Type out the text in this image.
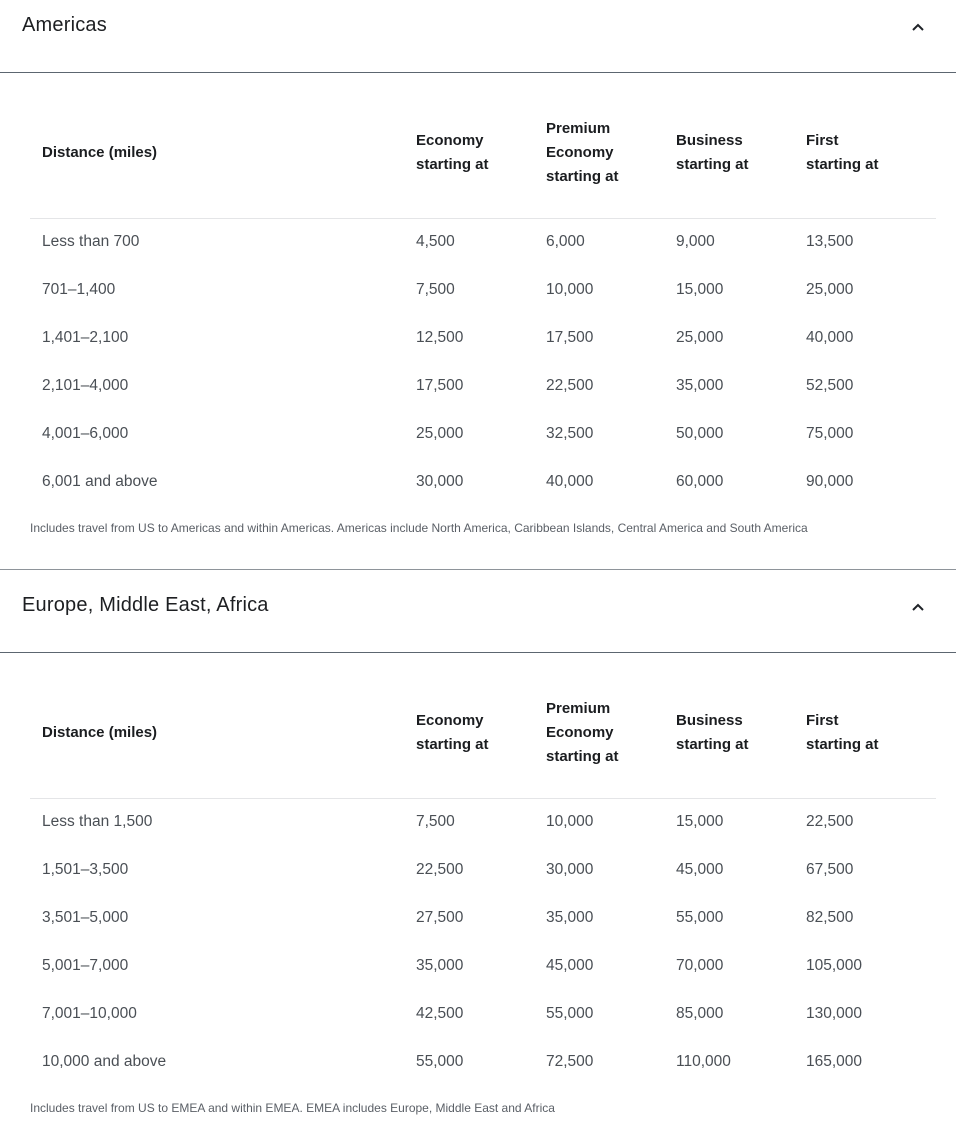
Americas
Distance (miles)	Economy starting at	Premium Economy starting at	Business starting at	First starting at

Less than 700	4,500	6,000	9,000	13,500
701–1,400	7,500	10,000	15,000	25,000
1,401–2,100	12,500	17,500	25,000	40,000
2,101–4,000	17,500	22,500	35,000	52,500
4,001–6,000	25,000	32,500	50,000	75,000
6,001 and above	30,000	40,000	60,000	90,000
Includes travel from US to Americas and within Americas. Americas include North America, Caribbean Islands, Central America and South America
Europe, Middle East, Africa
Distance (miles)	Economy starting at	Premium Economy starting at	Business starting at	First starting at

Less than 1,500	7,500	10,000	15,000	22,500
1,501–3,500	22,500	30,000	45,000	67,500
3,501–5,000	27,500	35,000	55,000	82,500
5,001–7,000	35,000	45,000	70,000	105,000
7,001–10,000	42,500	55,000	85,000	130,000
10,000 and above	55,000	72,500	110,000	165,000
Includes travel from US to EMEA and within EMEA. EMEA includes Europe, Middle East and Africa
